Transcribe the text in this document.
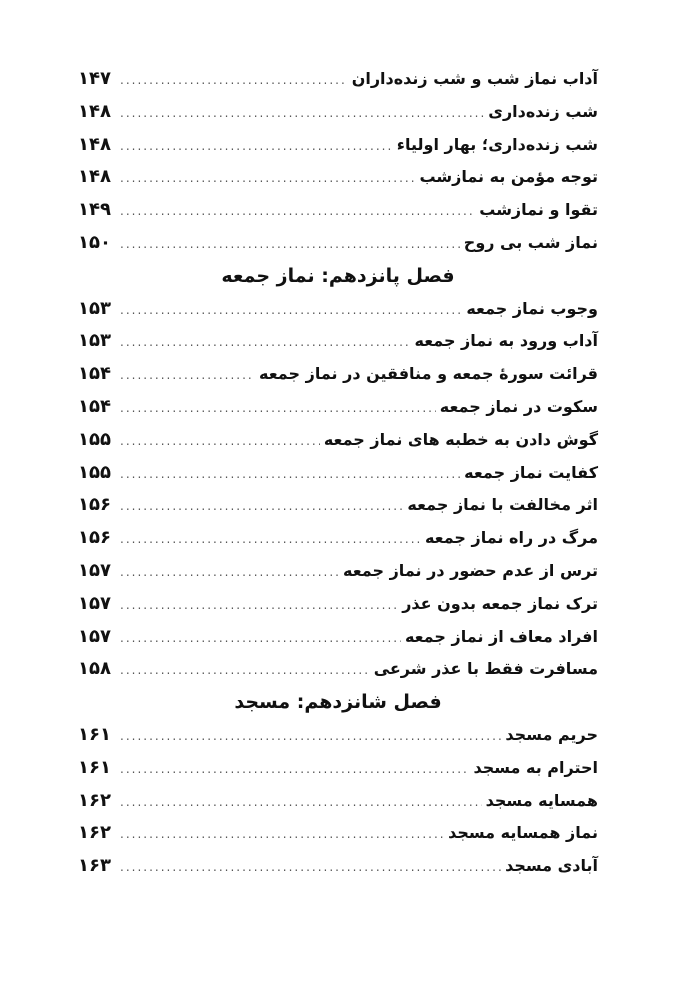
آداب نماز شب و شب زنده‌داران
.....
۱۴۷
شب زنده‌داری
.....
۱۴۸
شب زنده‌داری؛ بهار اولیاء
.....
۱۴۸
توجه مؤمن به نمازشب
.....
۱۴۸
تقوا و نمازشب
.....
۱۴۹
نماز شب بی روح
.....
۱۵۰
فصل پانزدهم: نماز جمعه
وجوب نماز جمعه
.....
۱۵۳
آداب ورود به نماز جمعه
.....
۱۵۳
قرائت سورهٔ جمعه و منافقین در نماز جمعه
.....
۱۵۴
سکوت در نماز جمعه
.....
۱۵۴
گوش دادن به خطبه های نماز جمعه
.....
۱۵۵
کفایت نماز جمعه
.....
۱۵۵
اثر مخالفت با نماز جمعه
.....
۱۵۶
مرگ در راه نماز جمعه
.....
۱۵۶
ترس از عدم حضور در نماز جمعه
.....
۱۵۷
ترک نماز جمعه بدون عذر
.....
۱۵۷
افراد معاف از نماز جمعه
.....
۱۵۷
مسافرت فقط با عذر شرعی
.....
۱۵۸
فصل شانزدهم: مسجد
حریم مسجد
.....
۱۶۱
احترام به مسجد
.....
۱۶۱
همسایه مسجد
.....
۱۶۲
نماز همسایه مسجد
.....
۱۶۲
آبادی مسجد
.....
۱۶۳
